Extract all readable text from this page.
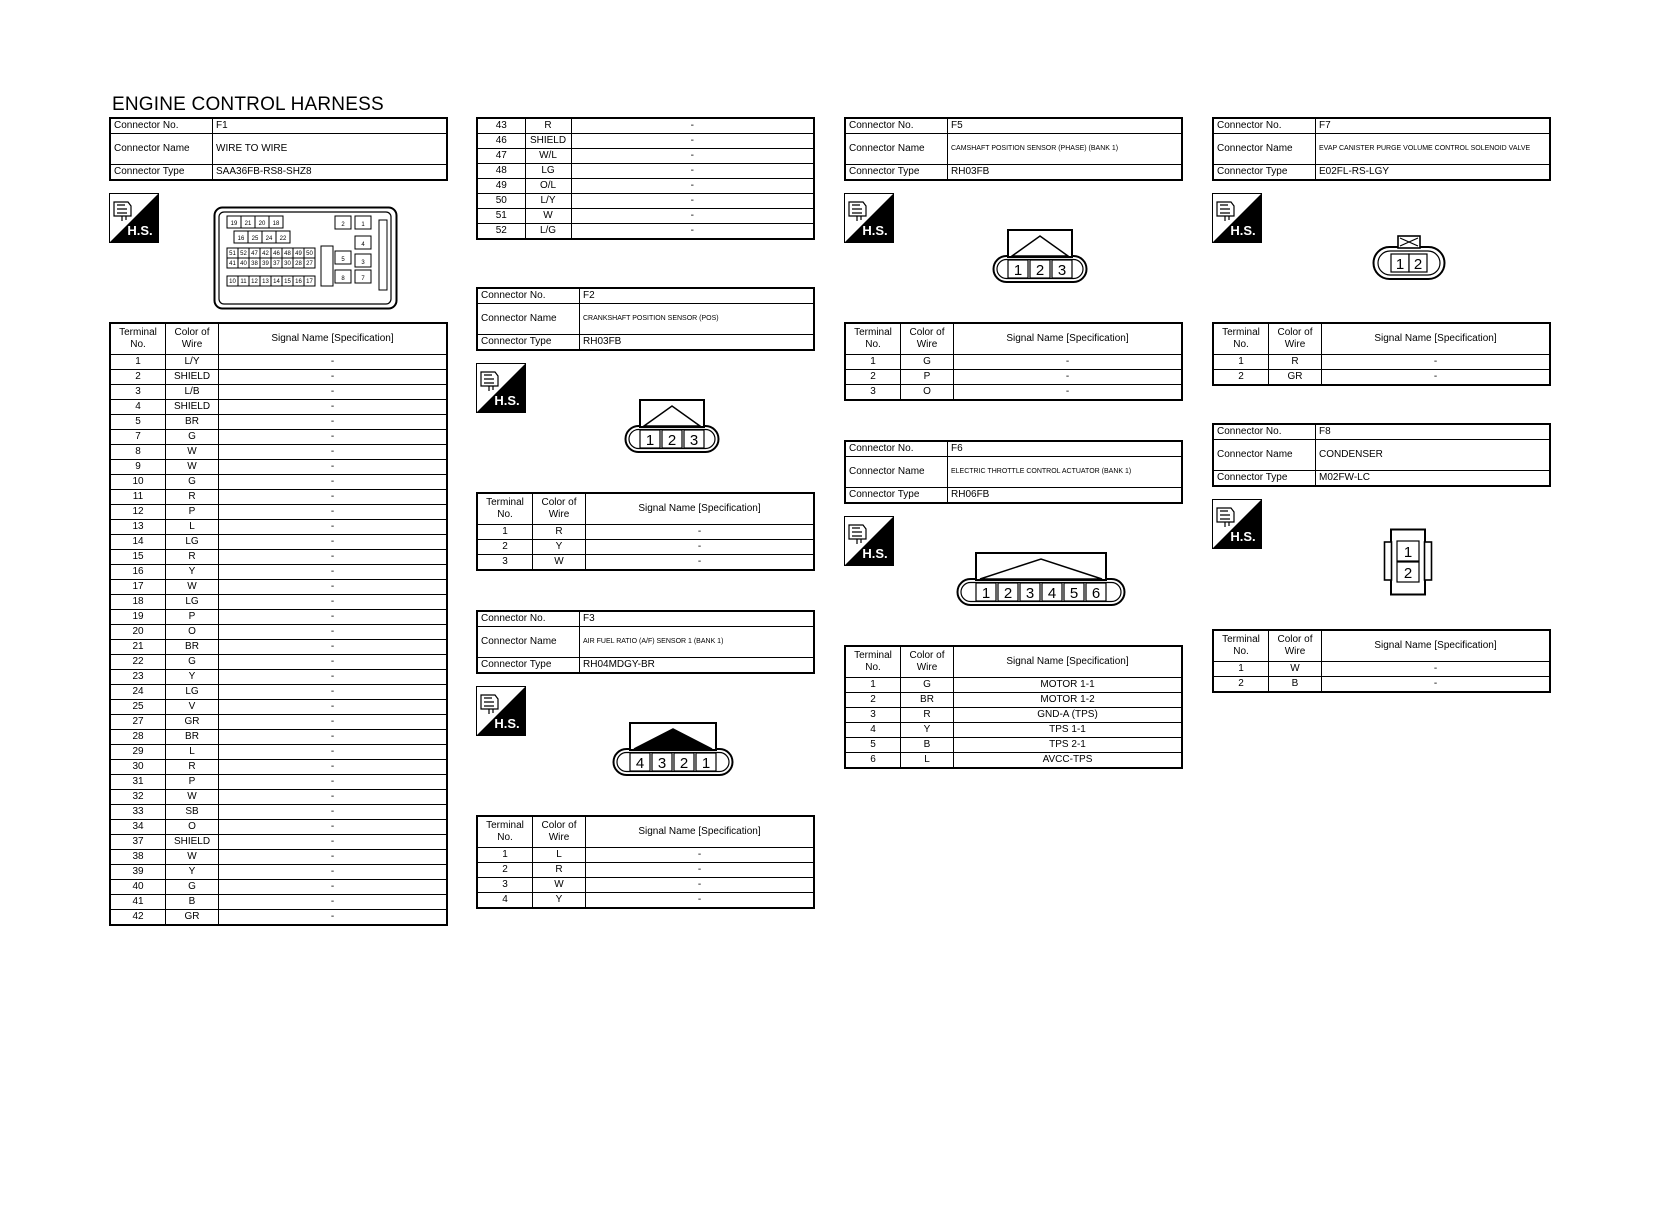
ENGINE CONTROL HARNESS
Connector No.	F1
Connector Name	WIRE TO WIRE
Connector Type	SAA36FB-RS8-SHZ8
H.S.	19 21 20 18
16 25 24 22
51 52 47 42 46 48 49 50
41 40 38 39 37 30 28 27
10 11 12 13 14 15 16 17
2	1
4
5	3
8	7
Terminal No.	Color of Wire	Signal Name [Specification]
1	L/Y	-
2	SHIELD	-
3	L/B	-
4	SHIELD	-
5	BR	-
7	G	-
8	W	-
9	W	-
10	G	-
11	R	-
12	P	-
13	L	-
14	LG	-
15	R	-
16	Y	-
17	W	-
18	LG	-
19	P	-
20	O	-
21	BR	-
22	G	-
23	Y	-
24	LG	-
25	V	-
27	GR	-
28	BR	-
29	L	-
30	R	-
31	P	-
32	W	-
33	SB	-
34	O	-
37	SHIELD	-
38	W	-
39	Y	-
40	G	-
41	B	-
42	GR	-
43	R	-
46	SHIELD	-
47	W/L	-
48	LG	-
49	O/L	-
50	L/Y	-
51	W	-
52	L/G	-
Connector No.	F2
Connector Name	CRANKSHAFT POSITION SENSOR (POS)
Connector Type	RH03FB
H.S.
1 2 3
Terminal No.	Color of Wire	Signal Name [Specification]
1	R	-
2	Y	-
3	W	-
Connector No.	F3
Connector Name	AIR FUEL RATIO (A/F) SENSOR 1 (BANK 1)
Connector Type	RH04MDGY-BR
H.S.
4 3 2 1
Terminal No.	Color of Wire	Signal Name [Specification]
1	L	-
2	R	-
3	W	-
4	Y	-
Connector No.	F5
Connector Name	CAMSHAFT POSITION SENSOR (PHASE) (BANK 1)
Connector Type	RH03FB
H.S.
1 2 3
Terminal No.	Color of Wire	Signal Name [Specification]
1	G	-
2	P	-
3	O	-
Connector No.	F6
Connector Name	ELECTRIC THROTTLE CONTROL ACTUATOR (BANK 1)
Connector Type	RH06FB
H.S.
1 2 3 4 5 6
Terminal No.	Color of Wire	Signal Name [Specification]
1	G	MOTOR 1-1
2	BR	MOTOR 1-2
3	R	GND-A (TPS)
4	Y	TPS 1-1
5	B	TPS 2-1
6	L	AVCC-TPS
Connector No.	F7
Connector Name	EVAP CANISTER PURGE VOLUME CONTROL SOLENOID VALVE
Connector Type	E02FL-RS-LGY
H.S.
1 2
Terminal No.	Color of Wire	Signal Name [Specification]
1	R	-
2	GR	-
Connector No.	F8
Connector Name	CONDENSER
Connector Type	M02FW-LC
H.S.
1
2
Terminal No.	Color of Wire	Signal Name [Specification]
1	W	-
2	B	-
